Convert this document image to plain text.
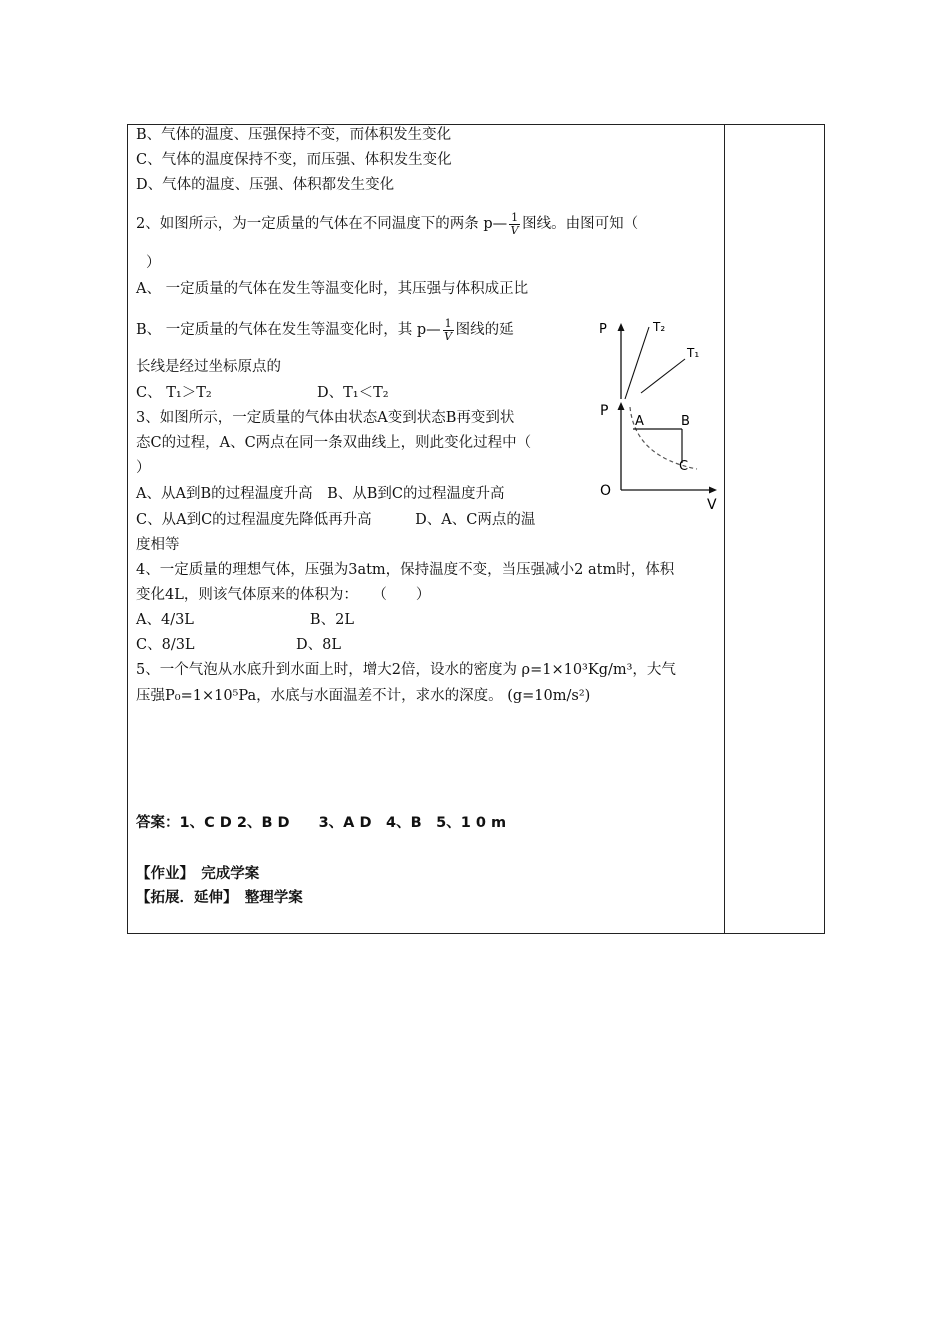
B、气体的温度、压强保持不变，而体积发生变化
C、气体的温度保持不变，而压强、体积发生变化
D、气体的温度、压强、体积都发生变化
2、如图所示，为一定质量的气体在不同温度下的两条 p— $\frac{1}{V}$ 图线。由图可知（
）
A、 一定质量的气体在发生等温变化时，其压强与体积成正比
B、 一定质量的气体在发生等温变化时，其 p— $\frac{1}{V}$ 图线的延
长线是经过坐标原点的
C、 T₁＞T₂	D、T₁＜T₂
3、如图所示，一定质量的气体由状态A变到状态B再变到状
态C的过程，A、C两点在同一条双曲线上，则此变化过程中（
）
A、从A到B的过程温度升高　B、从B到C的过程温度升高
C、从A到C的过程温度先降低再升高　　　D、A、C两点的温
度相等
4、一定质量的理想气体，压强为3atm，保持温度不变，当压强减小2 atm时，体积
变化4L，则该气体原来的体积为：　　（　　）
A、4/3L　　　　　　　　B、2L
C、8/3L　　　　　　　D、8L
5、一个气泡从水底升到水面上时，增大2倍，设水的密度为 ρ=1×10³Kg/m³，大气
压强P₀=1×10⁵Pa，水底与水面温差不计，求水的深度。 (g=10m/s²)
答案：1、C D 2、B D　　3、A D　4、B　5、1 0 m
【作业】　完成学案
【拓展．延伸】　整理学案
P	T₂
T₁
P
V
O
A	B
C
